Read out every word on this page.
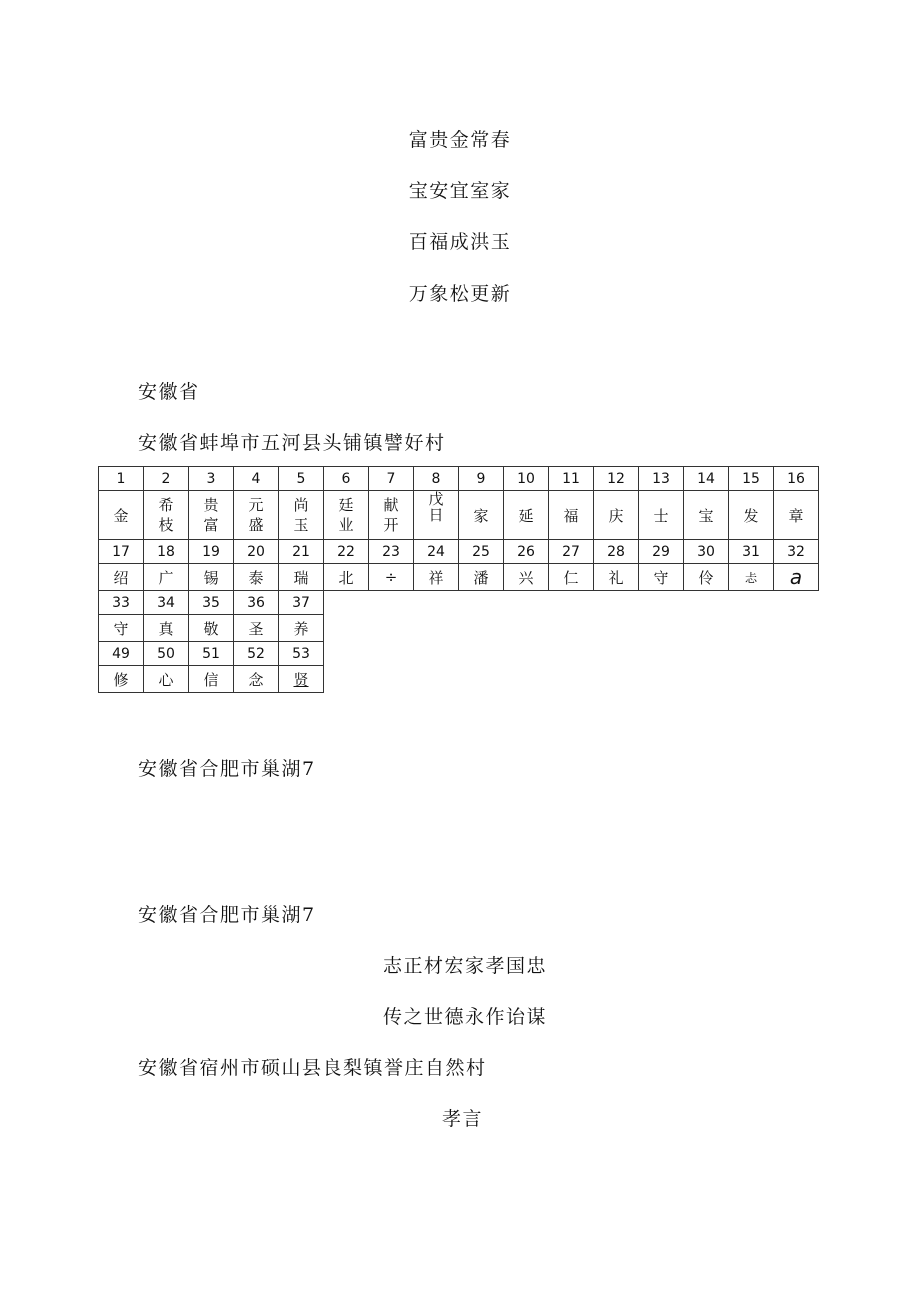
富贵金常春
宝安宜室家
百福成洪玉
万象松更新
安徽省
安徽省蚌埠市五河县头铺镇譬好村
1	2	3	4	5	6	7	8	9	10	11	12	13	14	15	16
金	希枝	贵富	元盛	尚玉	廷业	献开	戊日	家	延	福	庆	士	宝	发	章
17	18	19	20	21	22	23	24	25	26	27	28	29	30	31	32
绍	广	锡	泰	瑞	北	÷	祥	潘	兴	仁	礼	守	伶	忐	a
33	34	35	36	37											
守	真	敬	圣	养											
49	50	51	52	53											
修	心	信	念	贤											
安徽省合肥市巢湖7
安徽省合肥市巢湖7
志正材宏家孝国忠
传之世德永作诒谋
安徽省宿州市硕山县良梨镇誉庄自然村
孝言
